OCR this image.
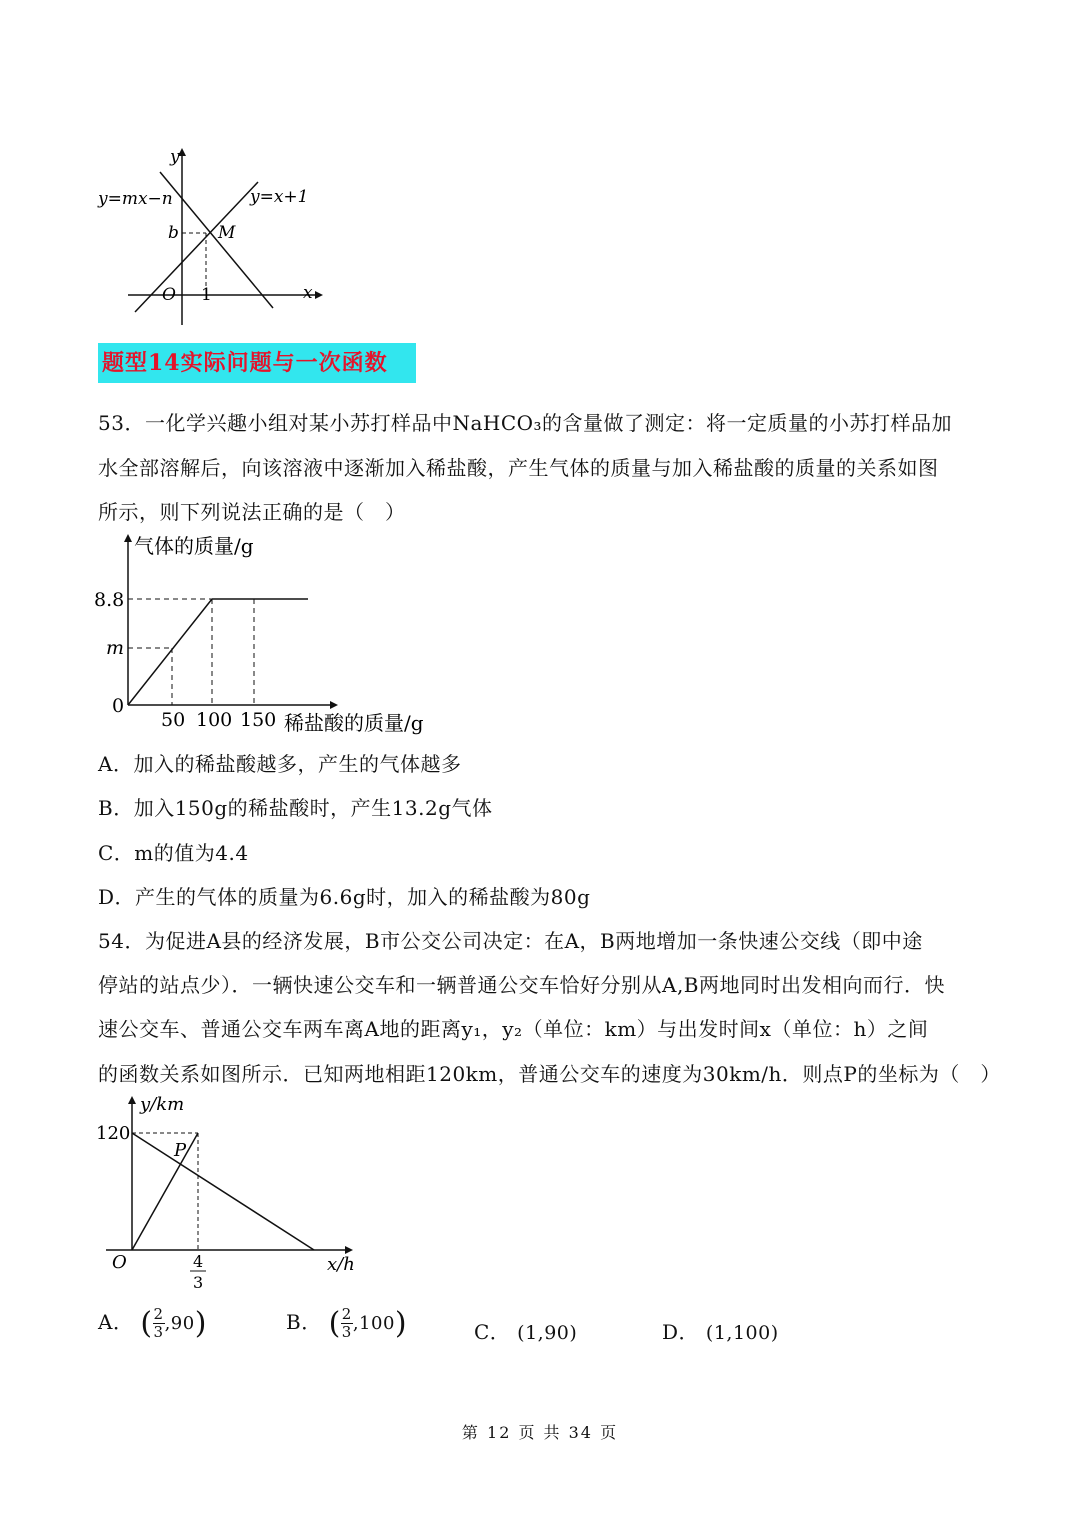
y=mx−n	y=x+1
y
x
b M
O 1
题型14实际问题与一次函数
53．一化学兴趣小组对某小苏打样品中NaHCO₃的含量做了测定：将一定质量的小苏打样品加
水全部溶解后，向该溶液中逐渐加入稀盐酸，产生气体的质量与加入稀盐酸的质量的关系如图
所示，则下列说法正确的是（　）
气体的质量/g
8.8
m
0
50 100 150 稀盐酸的质量/g
A．加入的稀盐酸越多，产生的气体越多
B．加入150g的稀盐酸时，产生13.2g气体
C．m的值为4.4
D．产生的气体的质量为6.6g时，加入的稀盐酸为80g
54．为促进A县的经济发展，B市公交公司决定：在A，B两地增加一条快速公交线（即中途
停站的站点少）．一辆快速公交车和一辆普通公交车恰好分别从A,B两地同时出发相向而行．快
速公交车、普通公交车两车离A地的距离y₁，y₂（单位：km）与出发时间x（单位：h）之间
的函数关系如图所示．已知两地相距120km，普通公交车的速度为30km/h．则点P的坐标为（　）
y/km
120
P
O	4
3
x/h
A． ( $\frac{2}{3} ,90$)	B． ( $\frac{2}{3} ,100$)	C． (1,90)	D． (1,100)
第 12 页 共 34 页
